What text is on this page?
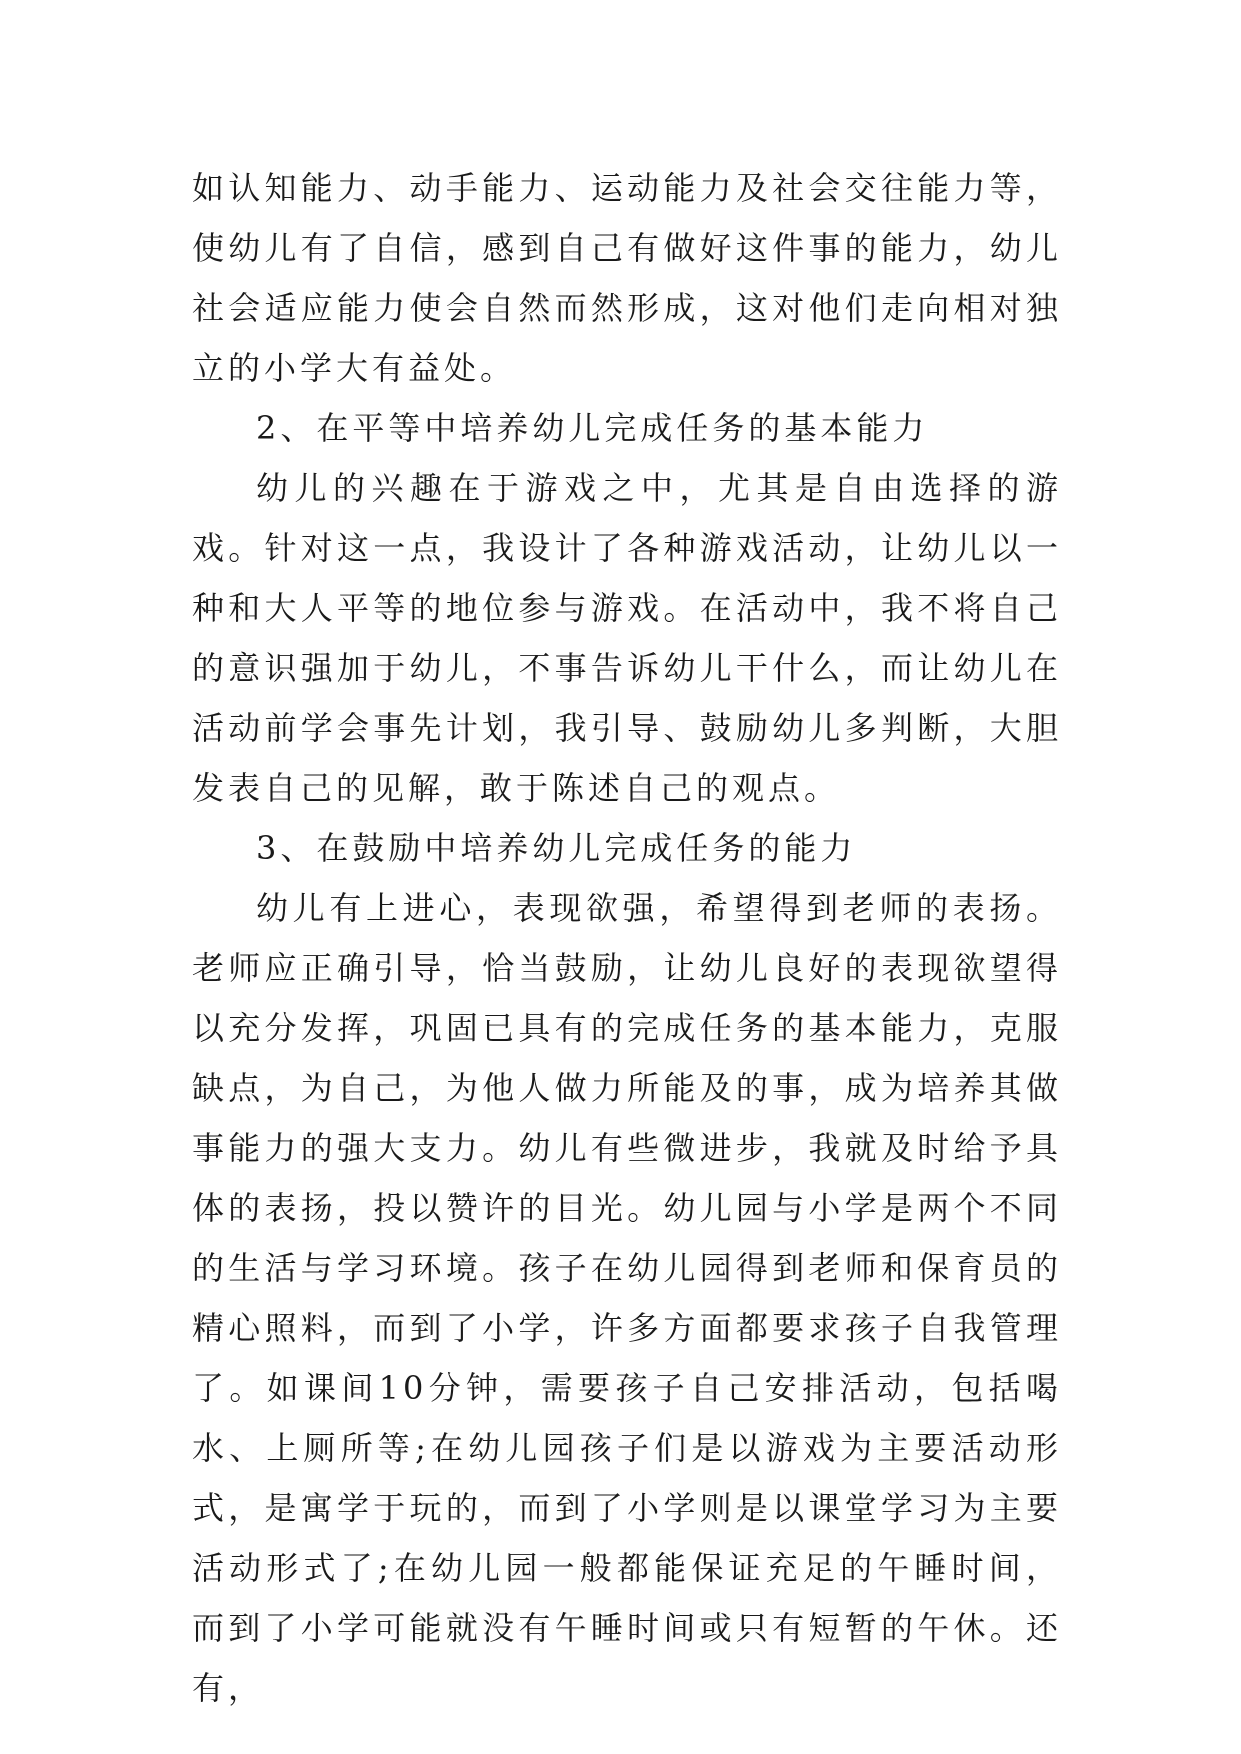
如认知能力、动手能力、运动能力及社会交往能力等，使幼儿有了自信，感到自己有做好这件事的能力，幼儿社会适应能力使会自然而然形成，这对他们走向相对独立的小学大有益处。

2、在平等中培养幼儿完成任务的基本能力

幼儿的兴趣在于游戏之中，尤其是自由选择的游戏。针对这一点，我设计了各种游戏活动，让幼儿以一种和大人平等的地位参与游戏。在活动中，我不将自己的意识强加于幼儿，不事告诉幼儿干什么，而让幼儿在活动前学会事先计划，我引导、鼓励幼儿多判断，大胆发表自己的见解，敢于陈述自己的观点。

3、在鼓励中培养幼儿完成任务的能力

幼儿有上进心，表现欲强，希望得到老师的表扬。老师应正确引导，恰当鼓励，让幼儿良好的表现欲望得以充分发挥，巩固已具有的完成任务的基本能力，克服缺点，为自己，为他人做力所能及的事，成为培养其做事能力的强大支力。幼儿有些微进步，我就及时给予具体的表扬，投以赞许的目光。幼儿园与小学是两个不同的生活与学习环境。孩子在幼儿园得到老师和保育员的精心照料，而到了小学，许多方面都要求孩子自我管理了。如课间10分钟，需要孩子自己安排活动，包括喝水、上厕所等;在幼儿园孩子们是以游戏为主要活动形式，是寓学于玩的，而到了小学则是以课堂学习为主要活动形式了;在幼儿园一般都能保证充足的午睡时间，而到了小学可能就没有午睡时间或只有短暂的午休。还有，
